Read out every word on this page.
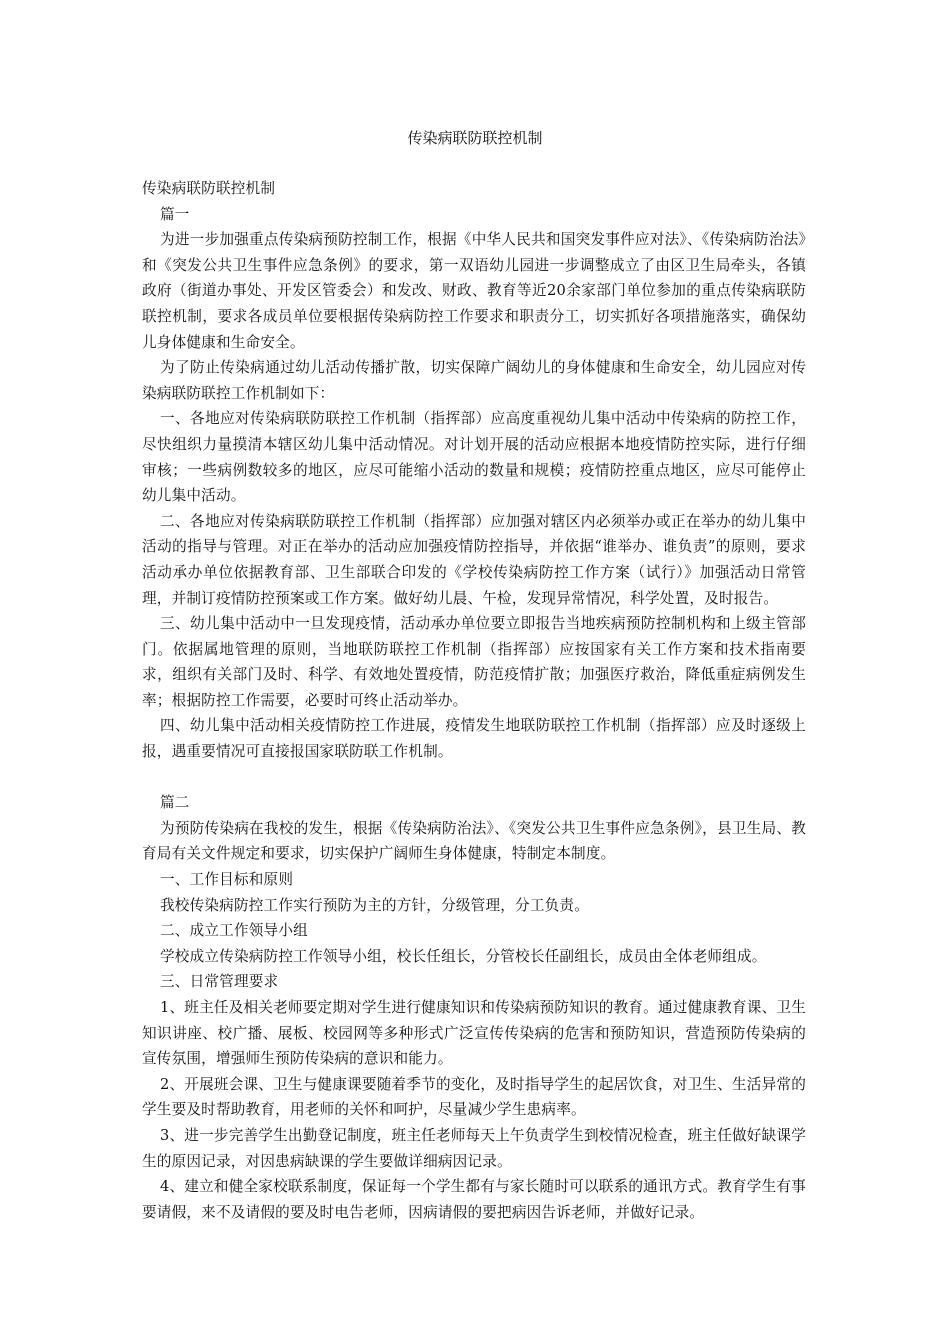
传染病联防联控机制

传染病联防联控机制

篇一

为进一步加强重点传染病预防控制工作，根据《中华人民共和国突发事件应对法》、《传染病防治法》和《突发公共卫生事件应急条例》的要求，第一双语幼儿园进一步调整成立了由区卫生局牵头，各镇政府（街道办事处、开发区管委会）和发改、财政、教育等近20余家部门单位参加的重点传染病联防联控机制，要求各成员单位要根据传染病防控工作要求和职责分工，切实抓好各项措施落实，确保幼儿身体健康和生命安全。

为了防止传染病通过幼儿活动传播扩散，切实保障广阔幼儿的身体健康和生命安全，幼儿园应对传染病联防联控工作机制如下：

一、各地应对传染病联防联控工作机制（指挥部）应高度重视幼儿集中活动中传染病的防控工作，尽快组织力量摸清本辖区幼儿集中活动情况。对计划开展的活动应根据本地疫情防控实际，进行仔细审核；一些病例数较多的地区，应尽可能缩小活动的数量和规模；疫情防控重点地区，应尽可能停止幼儿集中活动。

二、各地应对传染病联防联控工作机制（指挥部）应加强对辖区内必须举办或正在举办的幼儿集中活动的指导与管理。对正在举办的活动应加强疫情防控指导，并依据“谁举办、谁负责”的原则，要求活动承办单位依据教育部、卫生部联合印发的《学校传染病防控工作方案（试行）》加强活动日常管理，并制订疫情防控预案或工作方案。做好幼儿晨、午检，发现异常情况，科学处置，及时报告。

三、幼儿集中活动中一旦发现疫情，活动承办单位要立即报告当地疾病预防控制机构和上级主管部门。依据属地管理的原则，当地联防联控工作机制（指挥部）应按国家有关工作方案和技术指南要求，组织有关部门及时、科学、有效地处置疫情，防范疫情扩散；加强医疗救治，降低重症病例发生率；根据防控工作需要，必要时可终止活动举办。

四、幼儿集中活动相关疫情防控工作进展，疫情发生地联防联控工作机制（指挥部）应及时逐级上报，遇重要情况可直接报国家联防联工作机制。

篇二

为预防传染病在我校的发生，根据《传染病防治法》、《突发公共卫生事件应急条例》，县卫生局、教育局有关文件规定和要求，切实保护广阔师生身体健康，特制定本制度。

一、工作目标和原则

我校传染病防控工作实行预防为主的方针，分级管理，分工负责。

二、成立工作领导小组

学校成立传染病防控工作领导小组，校长任组长，分管校长任副组长，成员由全体老师组成。

三、日常管理要求

1、班主任及相关老师要定期对学生进行健康知识和传染病预防知识的教育。通过健康教育课、卫生知识讲座、校广播、展板、校园网等多种形式广泛宣传传染病的危害和预防知识，营造预防传染病的宣传氛围，增强师生预防传染病的意识和能力。

2、开展班会课、卫生与健康课要随着季节的变化，及时指导学生的起居饮食，对卫生、生活异常的学生要及时帮助教育，用老师的关怀和呵护，尽量减少学生患病率。

3、进一步完善学生出勤登记制度，班主任老师每天上午负责学生到校情况检查，班主任做好缺课学生的原因记录，对因患病缺课的学生要做详细病因记录。

4、建立和健全家校联系制度，保证每一个学生都有与家长随时可以联系的通讯方式。教育学生有事要请假，来不及请假的要及时电告老师，因病请假的要把病因告诉老师，并做好记录。
